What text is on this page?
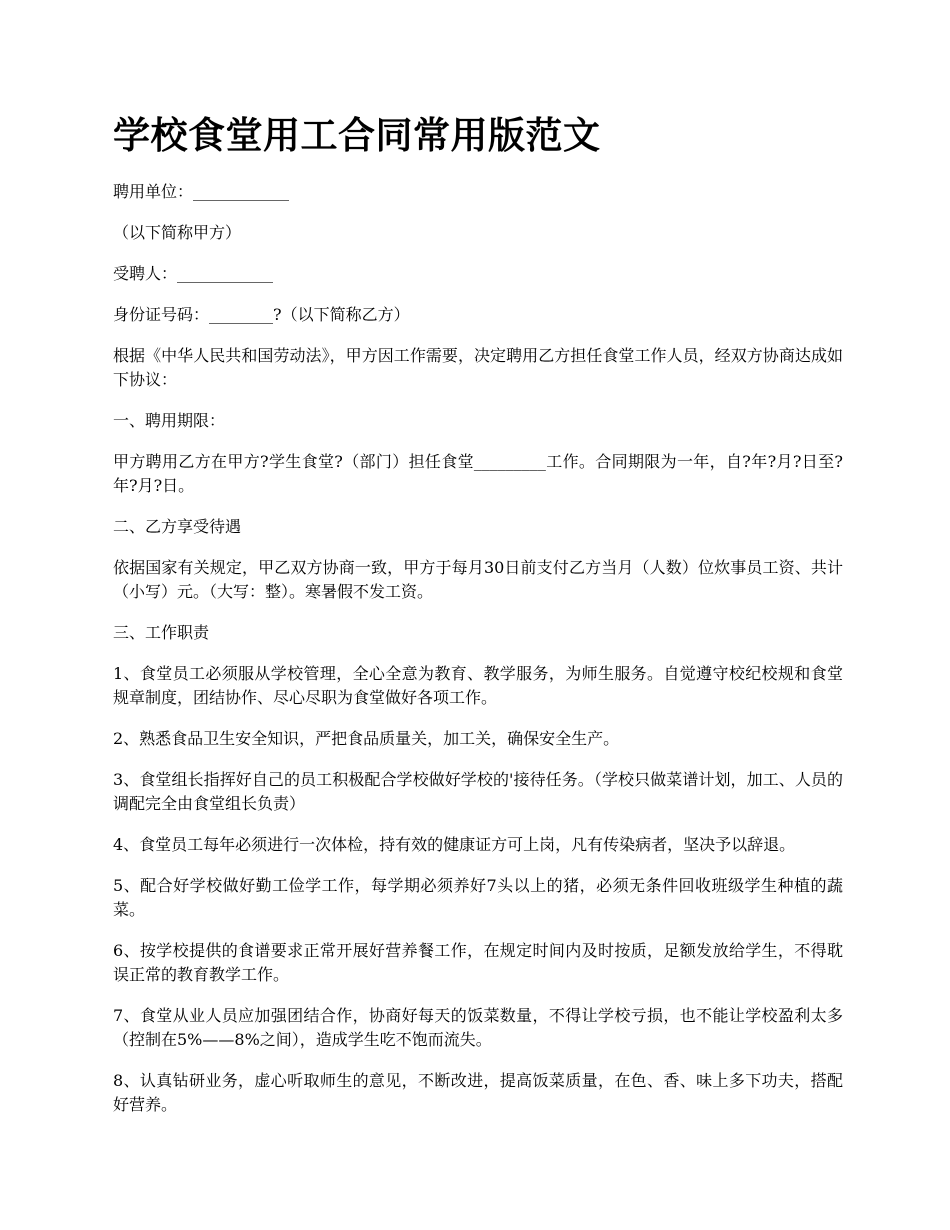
学校食堂用工合同常用版范文

聘用单位：____________

（以下简称甲方）

受聘人：____________

身份证号码：________?（以下简称乙方）

根据《中华人民共和国劳动法》，甲方因工作需要，决定聘用乙方担任食堂工作人员，经双方协商达成如下协议：

一、聘用期限：

甲方聘用乙方在甲方?学生食堂?（部门）担任食堂_________工作。合同期限为一年，自?年?月?日至?年?月?日。

二、乙方享受待遇

依据国家有关规定，甲乙双方协商一致，甲方于每月30日前支付乙方当月（人数）位炊事员工资、共计（小写）元。（大写：整）。寒暑假不发工资。

三、工作职责

1、食堂员工必须服从学校管理，全心全意为教育、教学服务，为师生服务。自觉遵守校纪校规和食堂规章制度，团结协作、尽心尽职为食堂做好各项工作。

2、熟悉食品卫生安全知识，严把食品质量关，加工关，确保安全生产。

3、食堂组长指挥好自己的员工积极配合学校做好学校的'接待任务。（学校只做菜谱计划，加工、人员的调配完全由食堂组长负责）

4、食堂员工每年必须进行一次体检，持有效的健康证方可上岗，凡有传染病者，坚决予以辞退。

5、配合好学校做好勤工俭学工作，每学期必须养好7头以上的猪，必须无条件回收班级学生种植的蔬菜。

6、按学校提供的食谱要求正常开展好营养餐工作，在规定时间内及时按质，足额发放给学生，不得耽误正常的教育教学工作。

7、食堂从业人员应加强团结合作，协商好每天的饭菜数量，不得让学校亏损，也不能让学校盈利太多（控制在5%——8%之间），造成学生吃不饱而流失。

8、认真钻研业务，虚心听取师生的意见，不断改进，提高饭菜质量，在色、香、味上多下功夫，搭配好营养。
